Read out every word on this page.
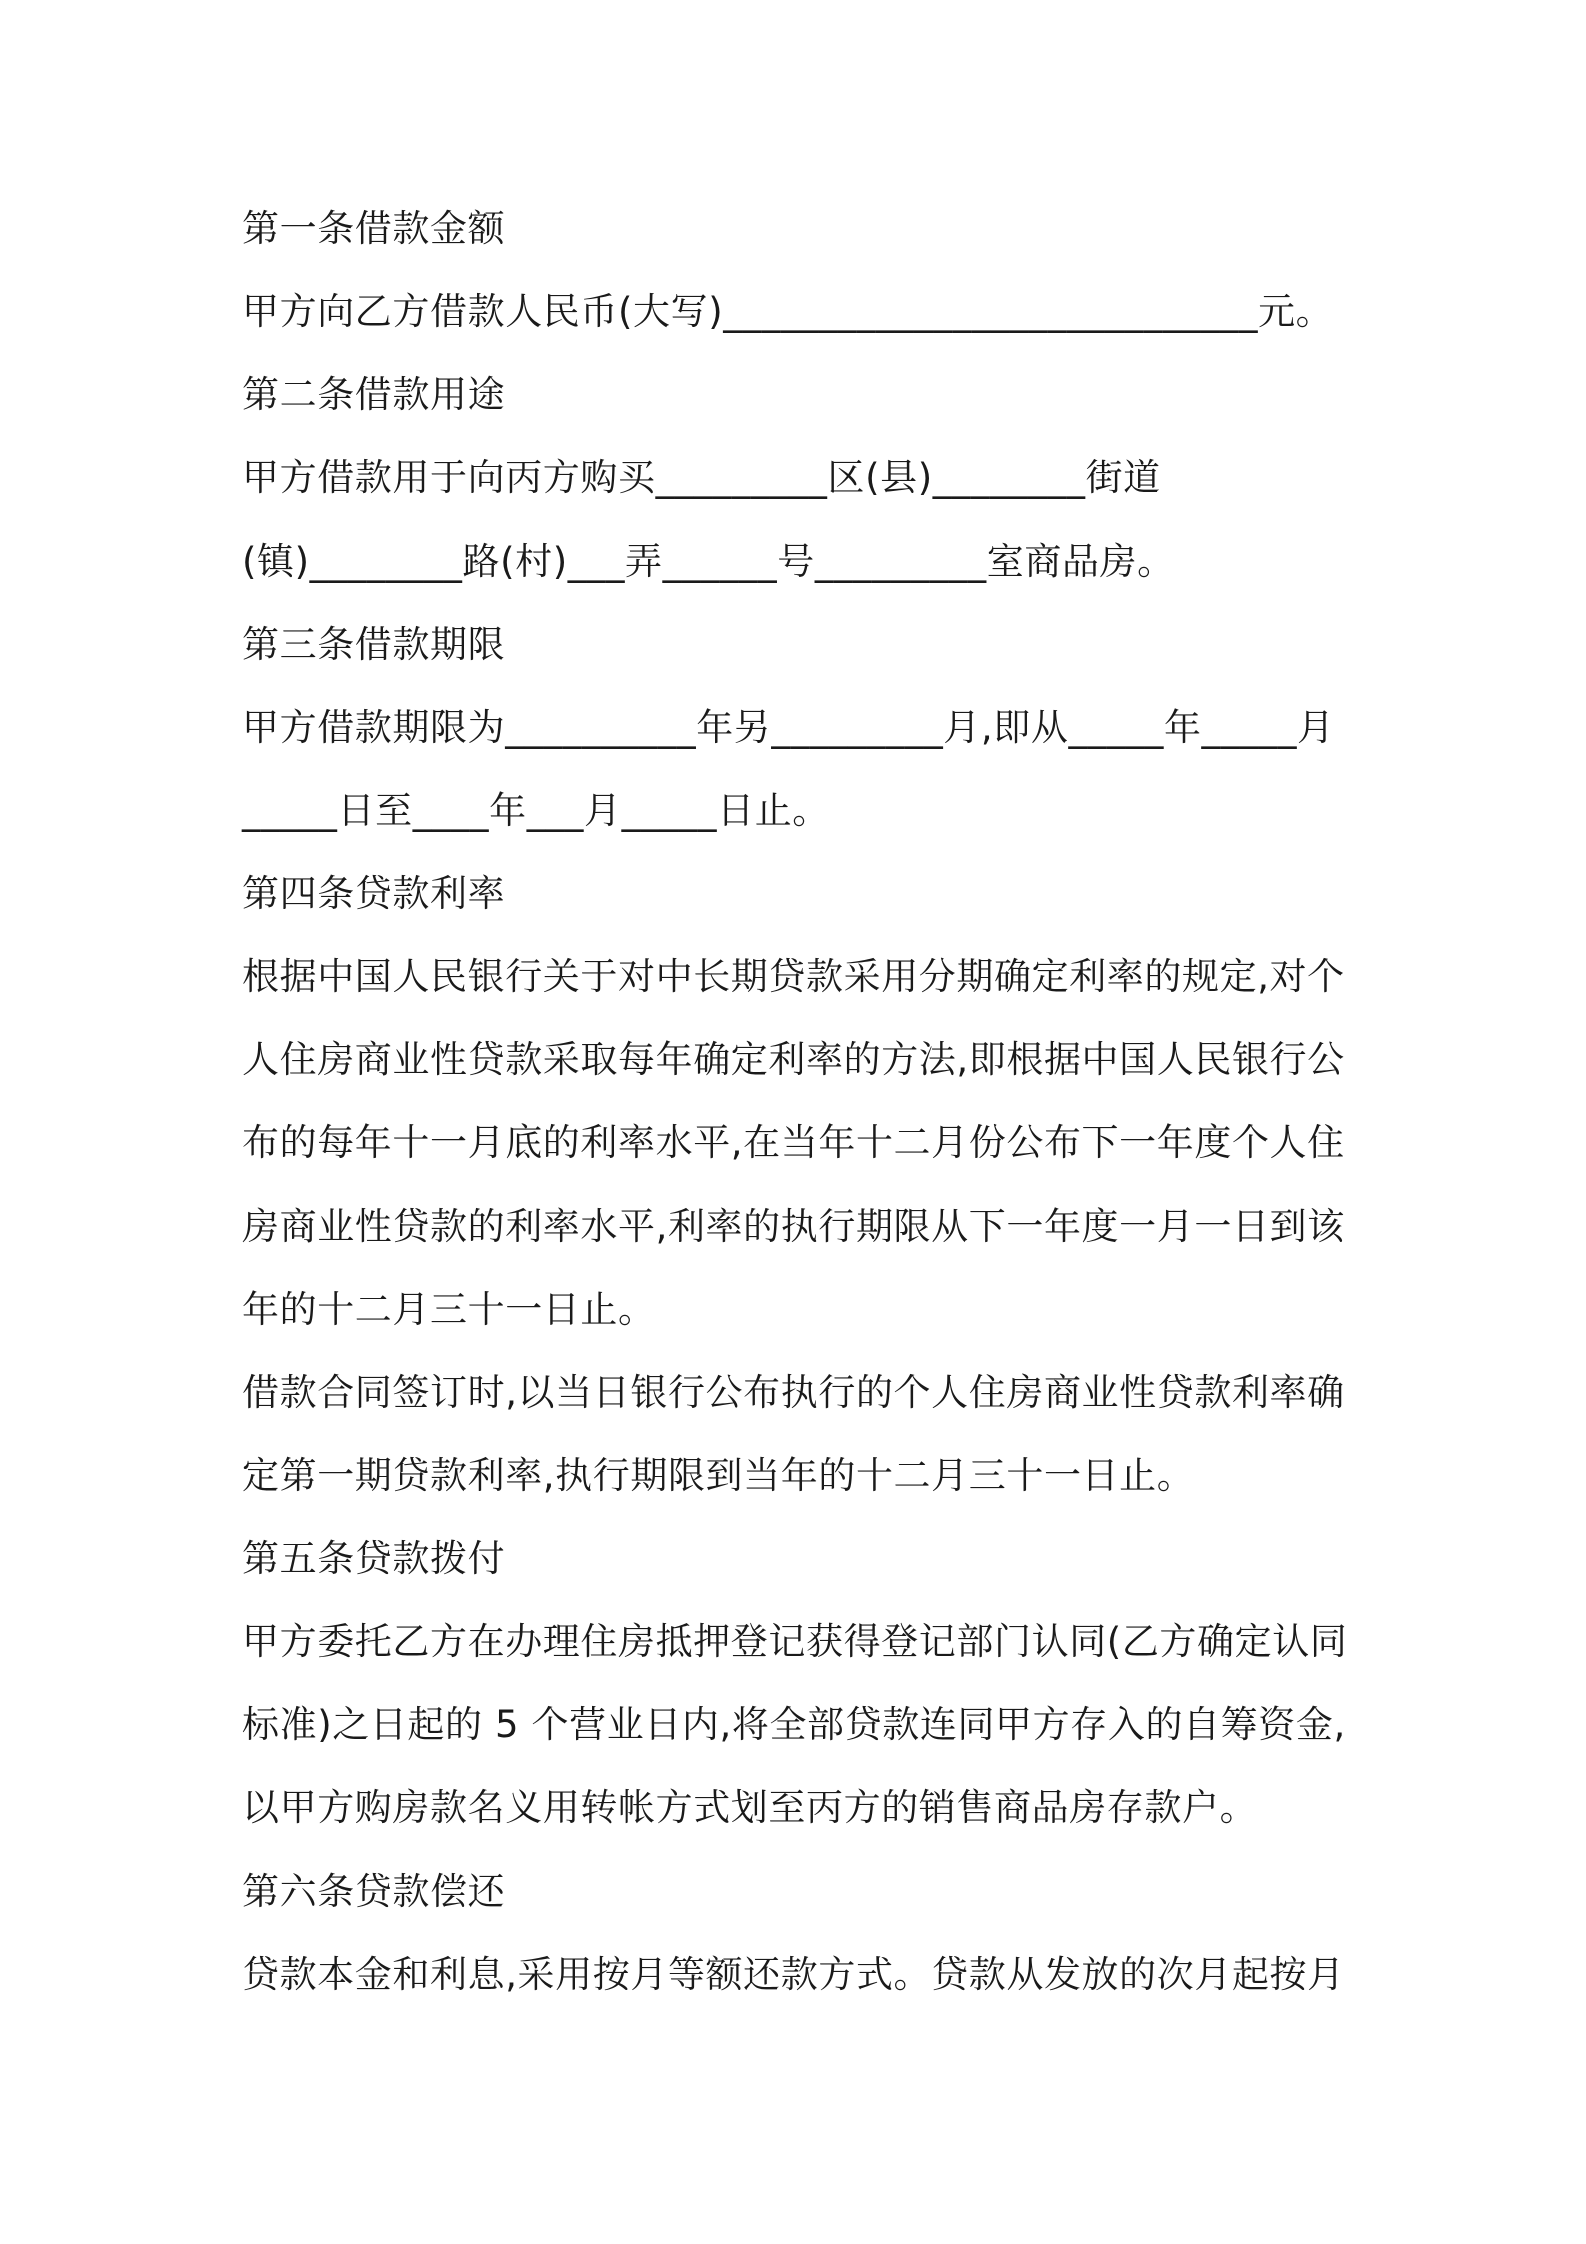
第一条借款金额

甲方向乙方借款人民币(大写)____________________________元。

第二条借款用途

甲方借款用于向丙方购买_________区(县)________街道

(镇)________路(村)___弄______号_________室商品房。

第三条借款期限

甲方借款期限为__________年另_________月,即从_____年_____月

_____日至____年___月_____日止。

第四条贷款利率

根据中国人民银行关于对中长期贷款采用分期确定利率的规定,对个

人住房商业性贷款采取每年确定利率的方法,即根据中国人民银行公

布的每年十一月底的利率水平,在当年十二月份公布下一年度个人住

房商业性贷款的利率水平,利率的执行期限从下一年度一月一日到该

年的十二月三十一日止。

借款合同签订时,以当日银行公布执行的个人住房商业性贷款利率确

定第一期贷款利率,执行期限到当年的十二月三十一日止。

第五条贷款拨付

甲方委托乙方在办理住房抵押登记获得登记部门认同(乙方确定认同

标准)之日起的 5 个营业日内,将全部贷款连同甲方存入的自筹资金,

以甲方购房款名义用转帐方式划至丙方的销售商品房存款户。

第六条贷款偿还

贷款本金和利息,采用按月等额还款方式。贷款从发放的次月起按月
